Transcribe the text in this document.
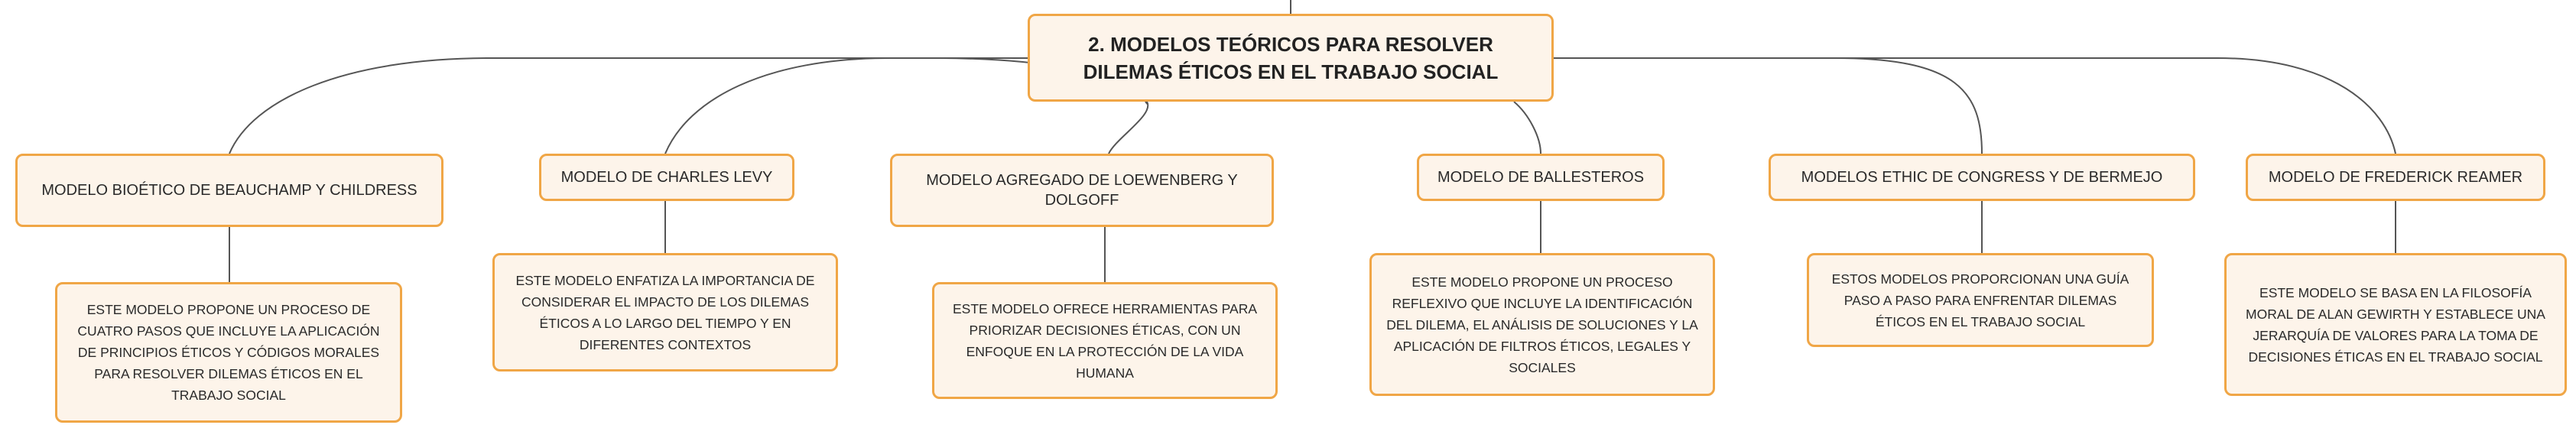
2. MODELOS TEÓRICOS PARA RESOLVER DILEMAS ÉTICOS EN EL TRABAJO SOCIAL
MODELO BIOÉTICO DE BEAUCHAMP Y CHILDRESS
MODELO DE CHARLES LEVY	MODELO AGREGADO DE LOEWENBERG Y DOLGOFF
MODELO DE BALLESTEROS	MODELOS ETHIC DE CONGRESS Y DE BERMEJO	MODELO DE FREDERICK REAMER
ESTE MODELO PROPONE UN PROCESO DE CUATRO PASOS QUE INCLUYE LA APLICACIÓN DE PRINCIPIOS ÉTICOS Y CÓDIGOS MORALES PARA RESOLVER DILEMAS ÉTICOS EN EL TRABAJO SOCIAL
ESTE MODELO ENFATIZA LA IMPORTANCIA DE CONSIDERAR EL IMPACTO DE LOS DILEMAS ÉTICOS A LO LARGO DEL TIEMPO Y EN DIFERENTES CONTEXTOS
ESTE MODELO OFRECE HERRAMIENTAS PARA PRIORIZAR DECISIONES ÉTICAS, CON UN ENFOQUE EN LA PROTECCIÓN DE LA VIDA HUMANA
ESTE MODELO PROPONE UN PROCESO REFLEXIVO QUE INCLUYE LA IDENTIFICACIÓN DEL DILEMA, EL ANÁLISIS DE SOLUCIONES Y LA APLICACIÓN DE FILTROS ÉTICOS, LEGALES Y SOCIALES
ESTOS MODELOS PROPORCIONAN UNA GUÍA PASO A PASO PARA ENFRENTAR DILEMAS ÉTICOS EN EL TRABAJO SOCIAL
ESTE MODELO SE BASA EN LA FILOSOFÍA MORAL DE ALAN GEWIRTH Y ESTABLECE UNA JERARQUÍA DE VALORES PARA LA TOMA DE DECISIONES ÉTICAS EN EL TRABAJO SOCIAL
